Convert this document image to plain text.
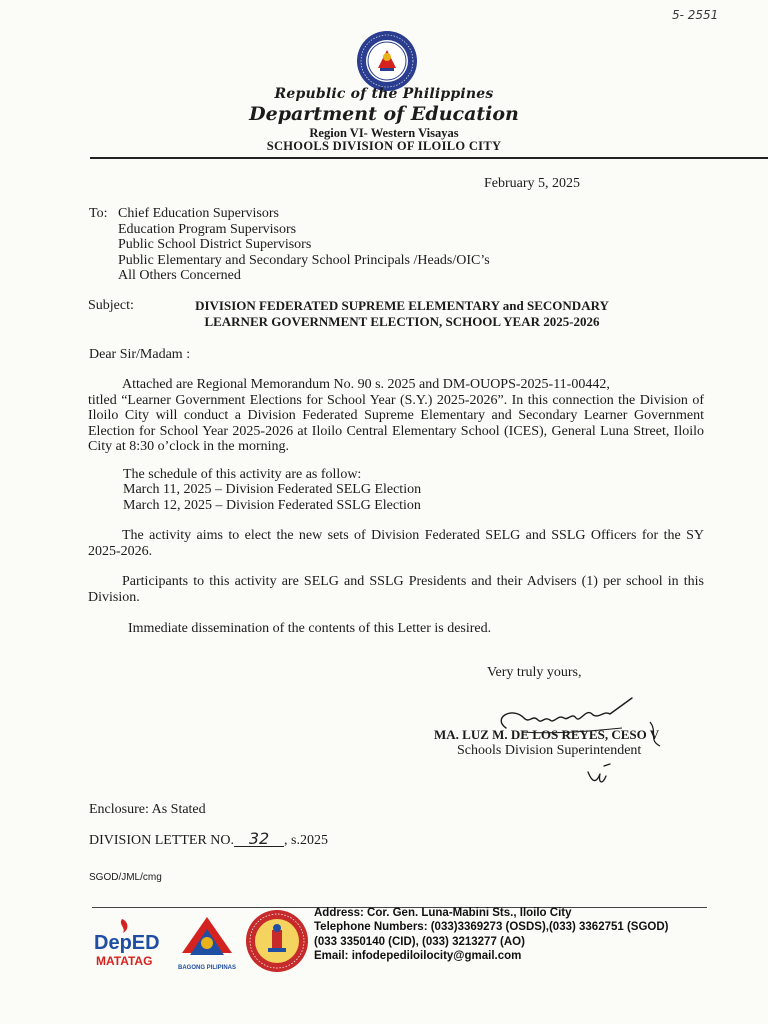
5- 2551
Republic of the Philippines
Department of Education
Region VI- Western Visayas
SCHOOLS DIVISION OF ILOILO CITY
February 5, 2025
To: Chief Education Supervisors
Education Program Supervisors
Public School District Supervisors
Public Elementary and Secondary School Principals /Heads/OIC’s
All Others Concerned
Subject:	DIVISION FEDERATED SUPREME ELEMENTARY and SECONDARY
LEARNER GOVERNMENT ELECTION, SCHOOL YEAR 2025-2026
Dear Sir/Madam :
Attached are Regional Memorandum No. 90 s. 2025 and DM-OUOPS-2025-11-00442,
titled “Learner Government Elections for School Year (S.Y.) 2025-2026”. In this connection the Division of Iloilo City will conduct a Division Federated Supreme Elementary and Secondary Learner Government Election for School Year 2025-2026 at Iloilo Central Elementary School (ICES), General Luna Street, Iloilo City at 8:30 o’clock in the morning.
The schedule of this activity are as follow:
March 11, 2025 – Division Federated SELG Election
March 12, 2025 – Division Federated SSLG Election
The activity aims to elect the new sets of Division Federated SELG and SSLG Officers for the SY 2025-2026.
Participants to this activity are SELG and SSLG Presidents and their Advisers (1) per school in this Division.
Immediate dissemination of the contents of this Letter is desired.
Very truly yours,
MA. LUZ M. DE LOS REYES, CESO V
Schools Division Superintendent
Enclosure: As Stated
DIVISION LETTER NO. 32 , s.2025
SGOD/JML/cmg
DepED
MATATAG	BAGONG PILIPINAS
Address: Cor. Gen. Luna-Mabini Sts., Iloilo City
Telephone Numbers: (033)3369273 (OSDS),(033) 3362751 (SGOD)
(033 3350140 (CID), (033) 3213277 (AO)
Email: infodepediloilocity@gmail.com
